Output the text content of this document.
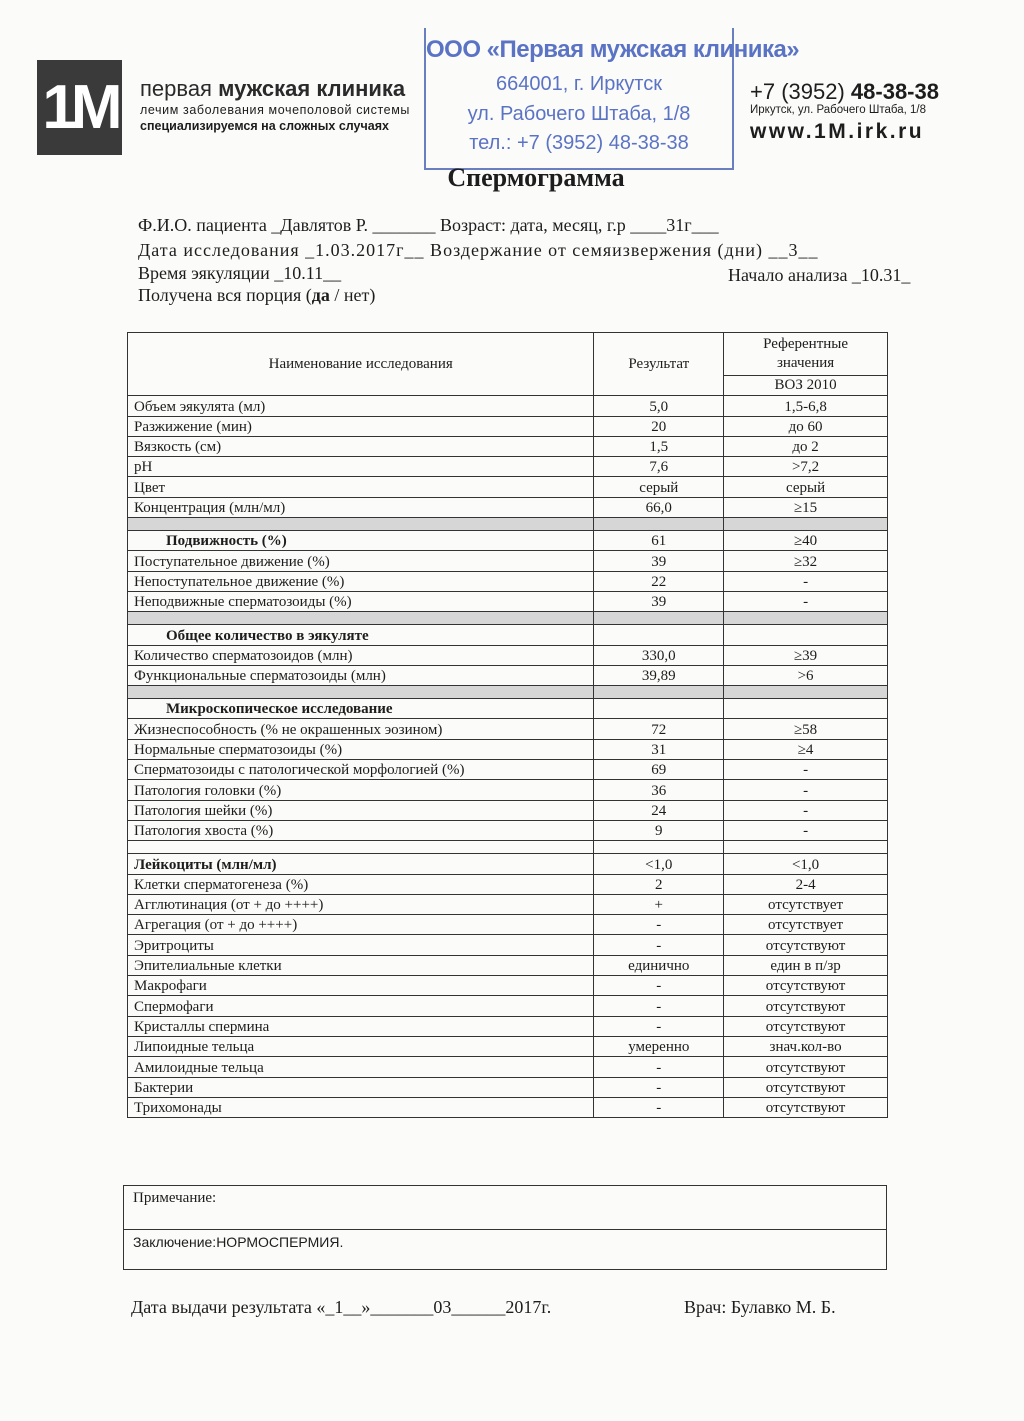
1M первая мужская клиника
лечим заболевания мочеполовой системы
специализируемся на сложных случаях
ООО «Первая мужская клиника»
664001, г. Иркутск
ул. Рабочего Штаба, 1/8
тел.: +7 (3952) 48-38-38
+7 (3952) 48-38-38
Иркутск, ул. Рабочего Штаба, 1/8
www.1M.irk.ru
Спермограмма
Ф.И.О. пациента _Давлятов Р. _______ Возраст: дата, месяц, г.р ____31г___
Дата исследования _1.03.2017г__ Воздержание от семяизвержения (дни) __3__
Время эякуляции _10.11__	Начало анализа _10.31_
Получена вся порция (да / нет)
Наименование исследования	Результат	Референтные значения
		ВОЗ 2010
Объем эякулята (мл)	5,0	1,5-6,8
Разжижение (мин)	20	до 60
Вязкость (см)	1,5	до 2
pH	7,6	>7,2
Цвет	серый	серый
Концентрация (млн/мл)	66,0	≥15

Подвижность (%)	61	≥40
Поступательное движение (%)	39	≥32
Непоступательное движение (%)	22	-
Неподвижные сперматозоиды (%)	39	-

Общее количество в эякуляте		
Количество сперматозоидов (млн)	330,0	≥39
Функциональные сперматозоиды (млн)	39,89	>6

Микроскопическое исследование		
Жизнеспособность (% не окрашенных эозином)	72	≥58
Нормальные сперматозоиды (%)	31	≥4
Сперматозоиды с патологической морфологией (%)	69	-
Патология головки (%)	36	-
Патология шейки (%)	24	-
Патология хвоста (%)	9	-

Лейкоциты (млн/мл)	<1,0	<1,0
Клетки сперматогенеза (%)	2	2-4
Агглютинация (от + до ++++)	+	отсутствует
Агрегация (от + до ++++)	-	отсутствует
Эритроциты	-	отсутствуют
Эпителиальные клетки	единично	един в п/зр
Макрофаги	-	отсутствуют
Спермофаги	-	отсутствуют
Кристаллы спермина	-	отсутствуют
Липоидные тельца	умеренно	знач.кол-во
Амилоидные тельца	-	отсутствуют
Бактерии	-	отсутствуют
Трихомонады	-	отсутствуют
Примечание:
Заключение:НОРМОСПЕРМИЯ.
Дата выдачи результата «_1__»_______03______2017г.	Врач: Булавко М. Б.
